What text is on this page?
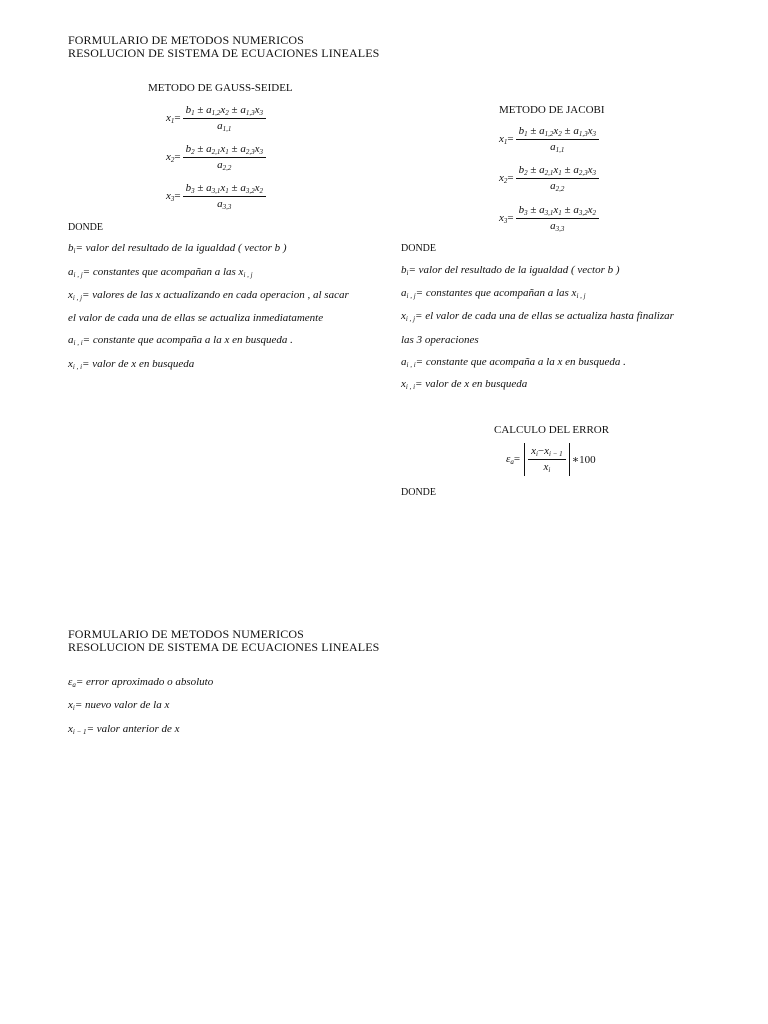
FORMULARIO DE METODOS NUMERICOS
RESOLUCION DE SISTEMA DE ECUACIONES LINEALES
METODO DE GAUSS-SEIDEL
$x_1= \frac{b_1 \pm a_{1,2}x_2 \pm a_{1,3}x_3}{a_{1,1}}$
$x_2= \frac{b_2 \pm a_{2,1}x_1 \pm a_{2,3}x_3}{a_{2,2}}$
$x_3= \frac{b_3 \pm a_{3,1}x_1 \pm a_{3,2}x_2}{a_{3,3}}$
DONDE
$b_i=$ valor del resultado de la igualdad ( vector b )
$a_{i , j}=$ constantes que acompañan a las $x_{i , j}$
$x_{i , j}=$ valores de las x actualizando en cada operacion , al sacar
el valor de cada una de ellas se actualiza inmediatamente
$a_{i , i}=$ constante que acompaña a la x en busqueda .
$x_{i , i}=$ valor de x en busqueda
METODO DE JACOBI
$x_1= \frac{b_1 \pm a_{1,2}x_2 \pm a_{1,3}x_3}{a_{1,1}}$
$x_2= \frac{b_2 \pm a_{2,1}x_1 \pm a_{2,3}x_3}{a_{2,2}}$
$x_3= \frac{b_3 \pm a_{3,1}x_1 \pm a_{3,2}x_2}{a_{3,3}}$
DONDE
$b_i=$ valor del resultado de la igualdad ( vector b )
$a_{i , j}=$ constantes que acompañan a las $x_{i , j}$
$x_{i , j}=$ el valor de cada una de ellas se actualiza hasta finalizar
las 3 operaciones
$a_{i , i}=$ constante que acompaña a la x en busqueda .
$x_{i , i}=$ valor de x en busqueda
CALCULO DEL ERROR
$\varepsilon_a= \frac{x_i-x_{i - 1}}{x_i}$ ∗100
DONDE
FORMULARIO DE METODOS NUMERICOS
RESOLUCION DE SISTEMA DE ECUACIONES LINEALES
$\varepsilon_a=$ error aproximado o absoluto
$x_i=$ nuevo valor de la x
$x_{i - 1}=$ valor anterior de x
